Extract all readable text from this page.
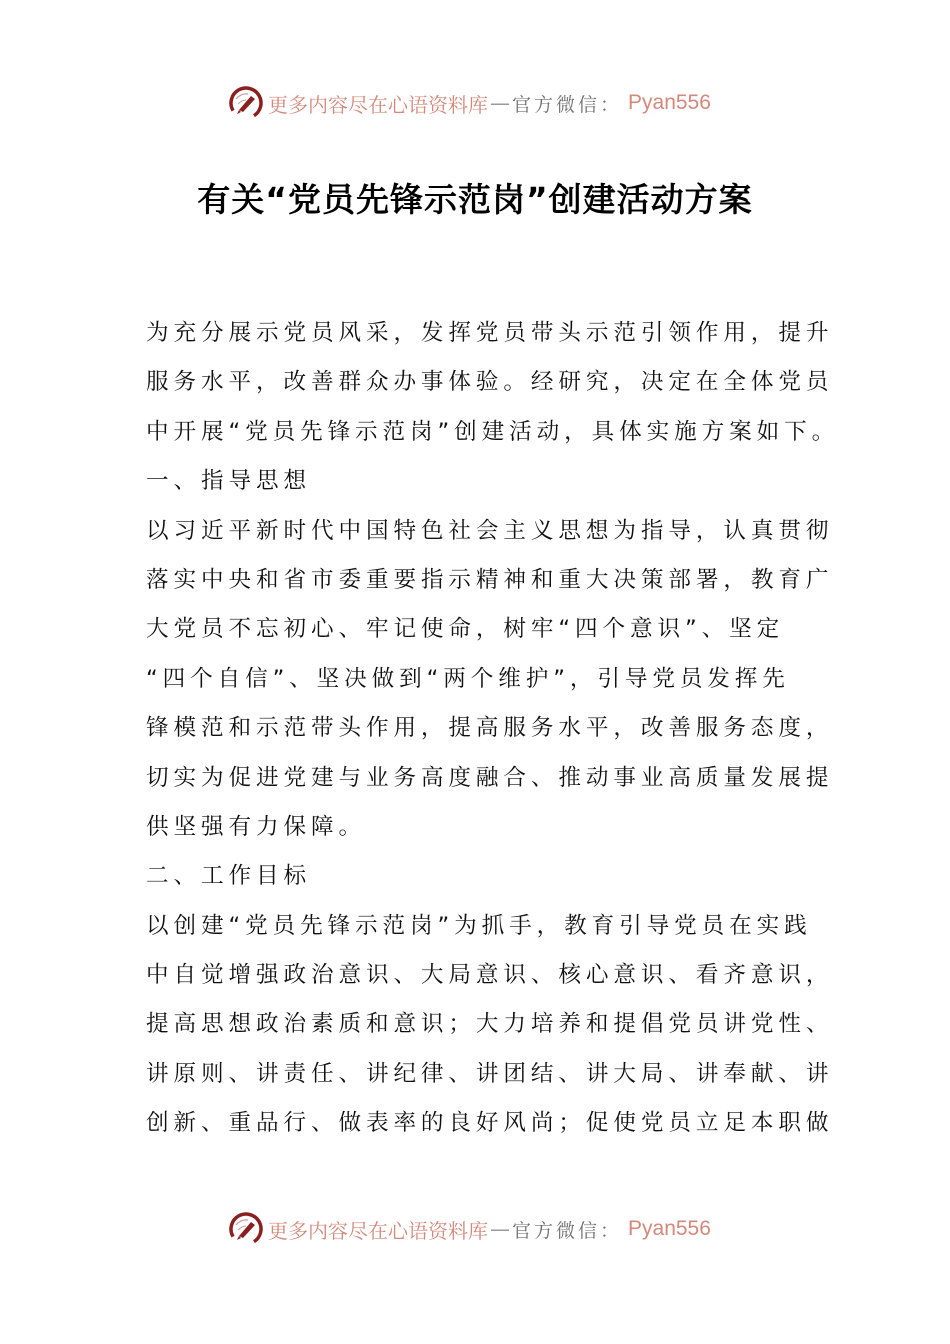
更多内容尽在心语资料库 — 官方微信： Pyan556
有关“党员先锋示范岗”创建活动方案
为充分展示党员风采，发挥党员带头示范引领作用，提升
服务水平，改善群众办事体验。经研究，决定在全体党员
中开展“党员先锋示范岗”创建活动，具体实施方案如下。
一、指导思想
以习近平新时代中国特色社会主义思想为指导，认真贯彻
落实中央和省市委重要指示精神和重大决策部署，教育广
大党员不忘初心、牢记使命，树牢“四个意识”、坚定
“四个自信”、坚决做到“两个维护”，引导党员发挥先
锋模范和示范带头作用，提高服务水平，改善服务态度，
切实为促进党建与业务高度融合、推动事业高质量发展提
供坚强有力保障。
二、工作目标
以创建“党员先锋示范岗”为抓手，教育引导党员在实践
中自觉增强政治意识、大局意识、核心意识、看齐意识，
提高思想政治素质和意识；大力培养和提倡党员讲党性、
讲原则、讲责任、讲纪律、讲团结、讲大局、讲奉献、讲
创新、重品行、做表率的良好风尚；促使党员立足本职做
更多内容尽在心语资料库 — 官方微信： Pyan556
